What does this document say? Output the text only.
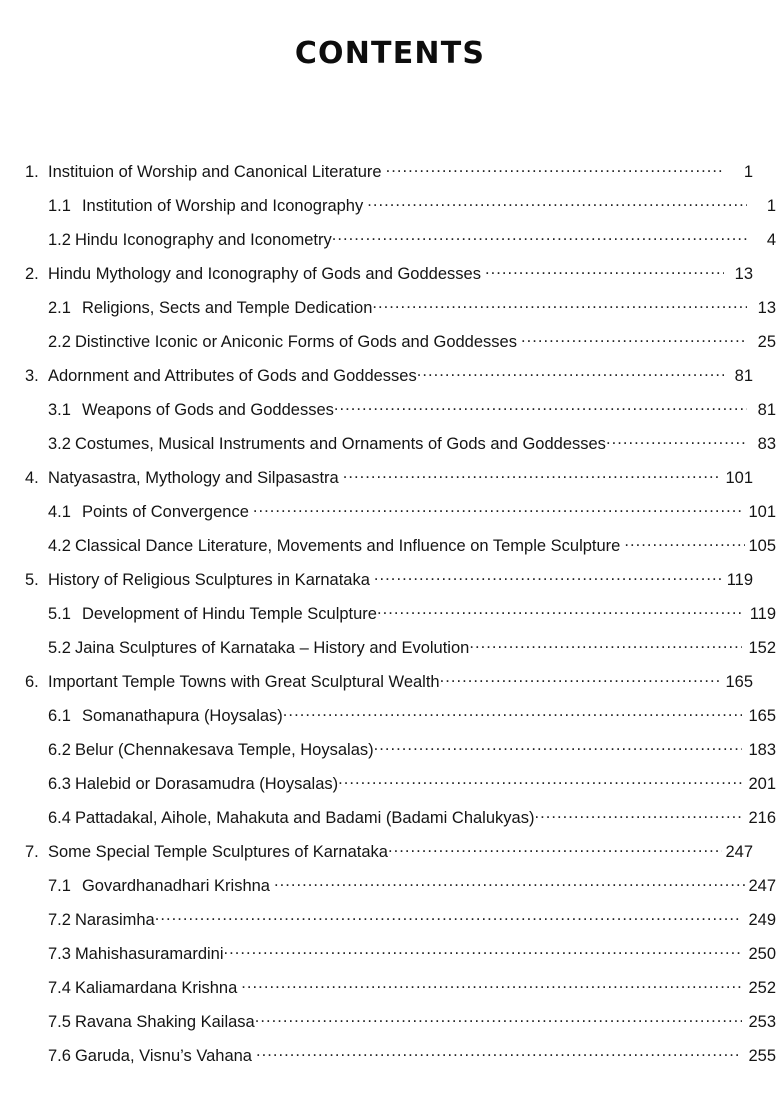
CONTENTS
1. Instituion of Worship and Canonical Literature .....	1
1.1 Institution of Worship and Iconography .....	1
1.2 Hindu Iconography and Iconometry .....	4
2. Hindu Mythology and Iconography of Gods and Goddesses .....	13
2.1 Religions, Sects and Temple Dedication .....	13
2.2 Distinctive Iconic or Aniconic Forms of Gods and Goddesses .....	25
3. Adornment and Attributes of Gods and Goddesses .....	81
3.1 Weapons of Gods and Goddesses .....	81
3.2 Costumes, Musical Instruments and Ornaments of Gods and Goddesses .....	83
4. Natyasastra, Mythology and Silpasastra .....	101
4.1 Points of Convergence .....	101
4.2 Classical Dance Literature, Movements and Influence on Temple Sculpture .....	105
5. History of Religious Sculptures in Karnataka .....	119
5.1 Development of Hindu Temple Sculpture .....	119
5.2 Jaina Sculptures of Karnataka – History and Evolution .....	152
6. Important Temple Towns with Great Sculptural Wealth .....	165
6.1 Somanathapura (Hoysalas) .....	165
6.2 Belur (Chennakesava Temple, Hoysalas) .....	183
6.3 Halebid or Dorasamudra (Hoysalas) .....	201
6.4 Pattadakal, Aihole, Mahakuta and Badami (Badami Chalukyas) .....	216
7. Some Special Temple Sculptures of Karnataka .....	247
7.1 Govardhanadhari Krishna .....	247
7.2 Narasimha .....	249
7.3 Mahishasuramardini .....	250
7.4 Kaliamardana Krishna .....	252
7.5 Ravana Shaking Kailasa .....	253
7.6 Garuda, Visnu’s Vahana .....	255
